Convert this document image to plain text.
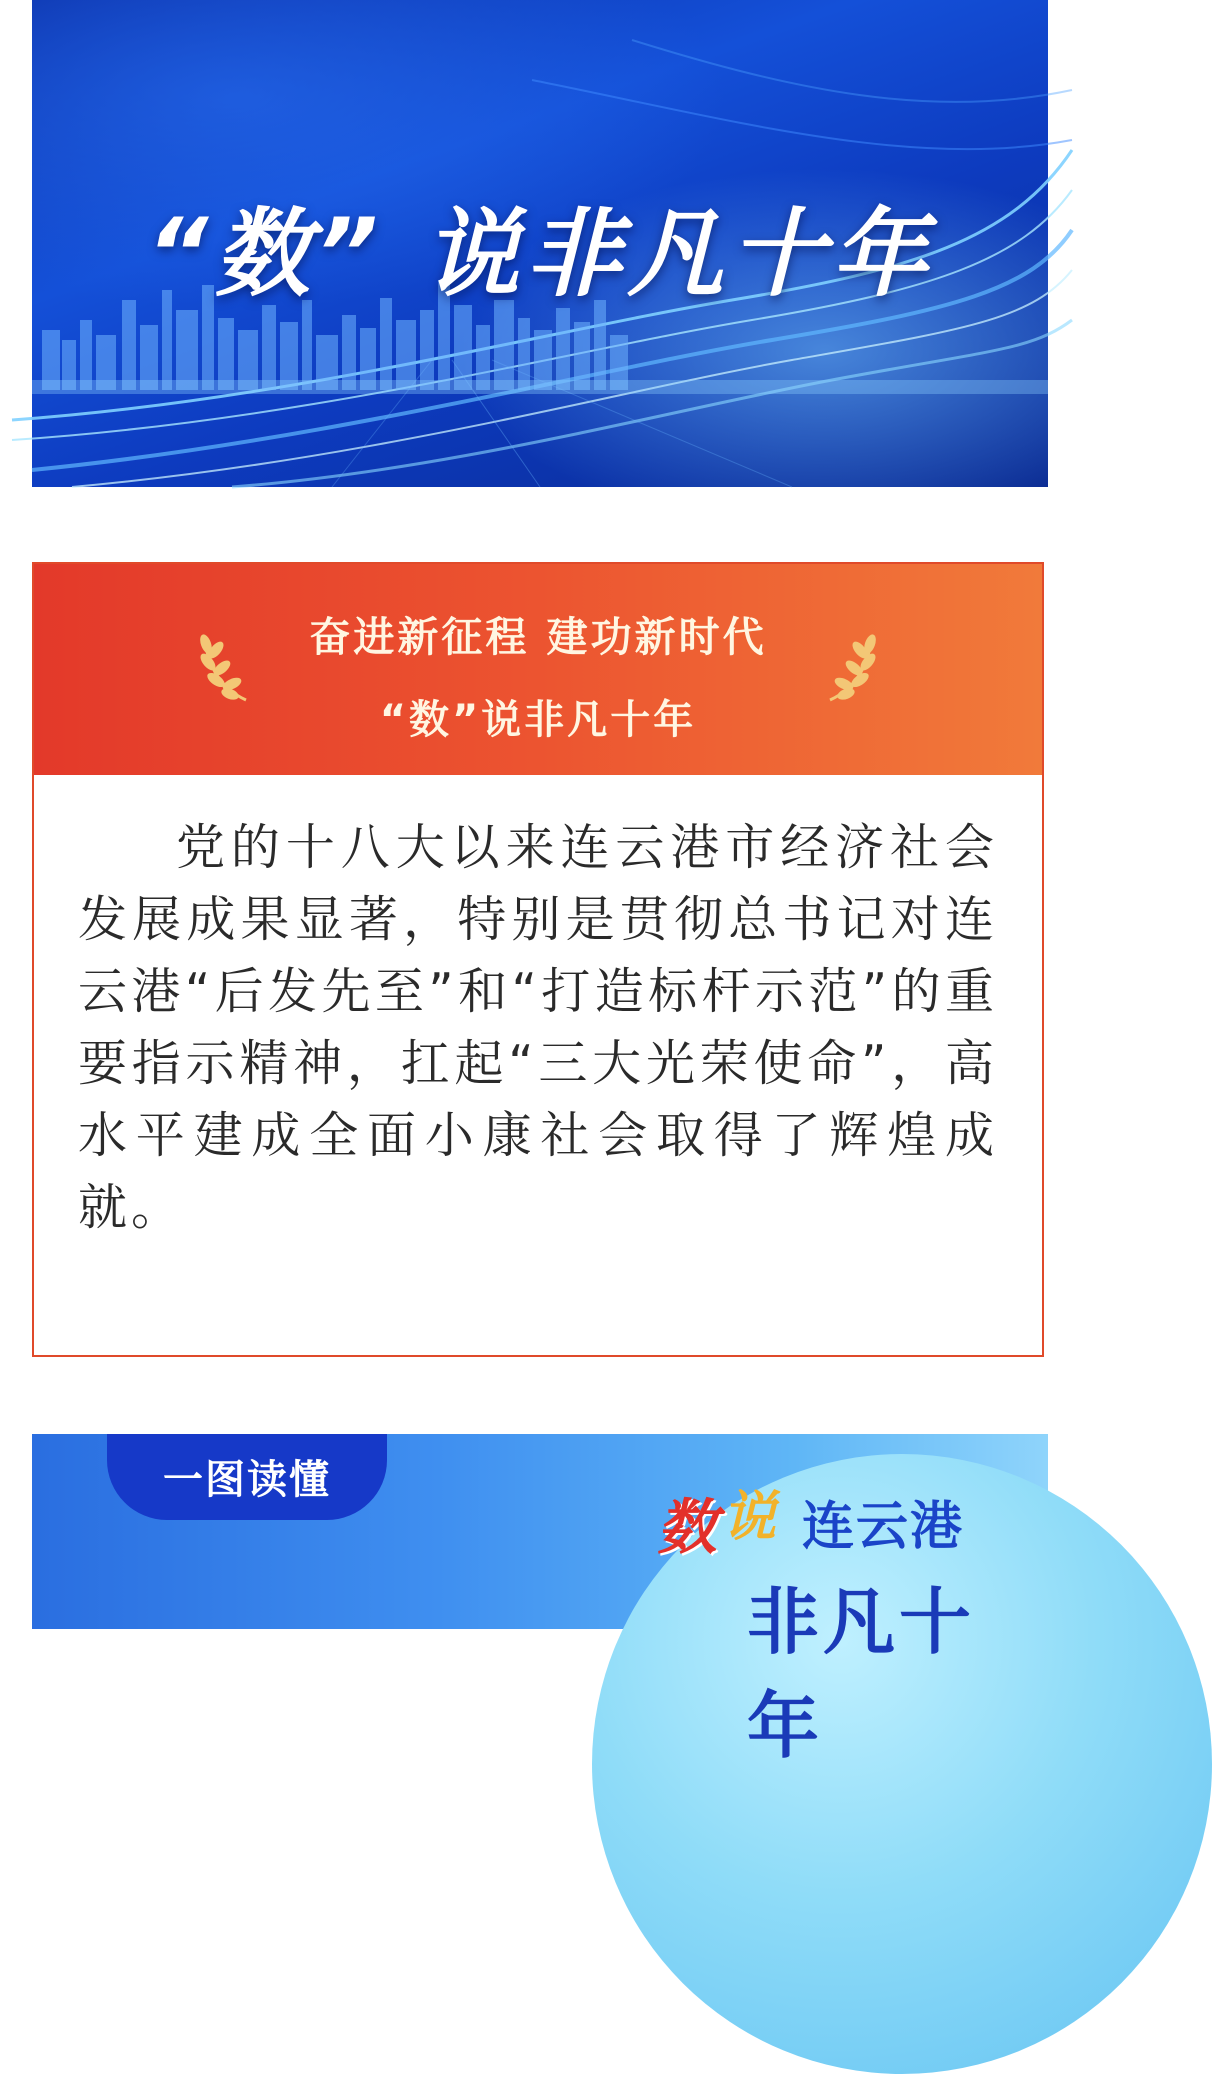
“数” 说非凡十年
奋进新征程 建功新时代
“数”说非凡十年
党的十八大以来连云港市经济社会发展成果显著，特别是贯彻总书记对连云港“后发先至”和“打造标杆示范”的重要指示精神，扛起“三大光荣使命”，高水平建成全面小康社会取得了辉煌成就。
一图读懂
数 说 连云港
非凡十年
